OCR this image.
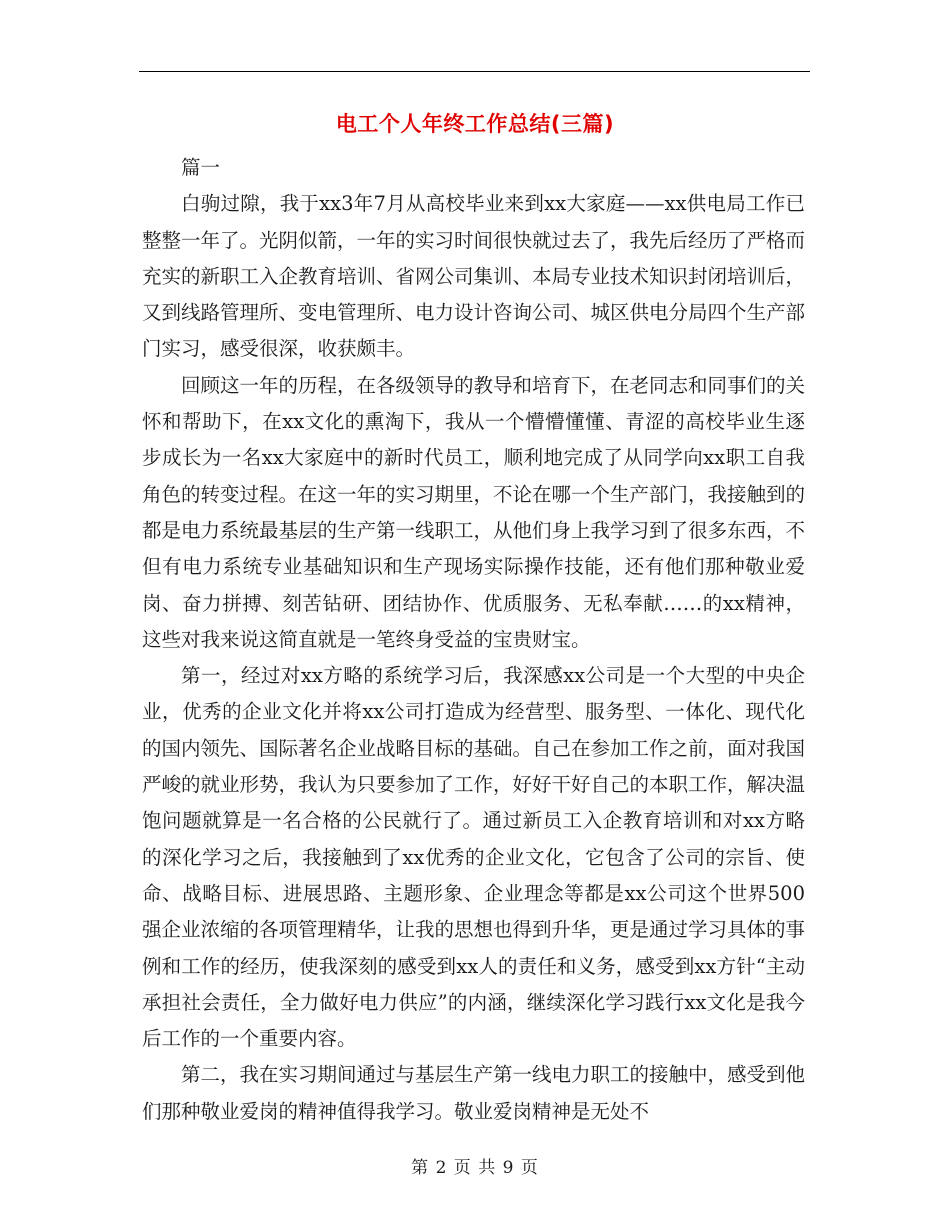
电工个人年终工作总结(三篇)

篇一

白驹过隙，我于xx3年7月从高校毕业来到xx大家庭——xx供电局工作已整整一年了。光阴似箭，一年的实习时间很快就过去了，我先后经历了严格而充实的新职工入企教育培训、省网公司集训、本局专业技术知识封闭培训后，又到线路管理所、变电管理所、电力设计咨询公司、城区供电分局四个生产部门实习，感受很深，收获颇丰。

回顾这一年的历程，在各级领导的教导和培育下，在老同志和同事们的关怀和帮助下，在xx文化的熏淘下，我从一个懵懵懂懂、青涩的高校毕业生逐步成长为一名xx大家庭中的新时代员工，顺利地完成了从同学向xx职工自我角色的转变过程。在这一年的实习期里，不论在哪一个生产部门，我接触到的都是电力系统最基层的生产第一线职工，从他们身上我学习到了很多东西，不但有电力系统专业基础知识和生产现场实际操作技能，还有他们那种敬业爱岗、奋力拼搏、刻苦钻研、团结协作、优质服务、无私奉献……的xx精神，这些对我来说这简直就是一笔终身受益的宝贵财宝。

第一，经过对xx方略的系统学习后，我深感xx公司是一个大型的中央企业，优秀的企业文化并将xx公司打造成为经营型、服务型、一体化、现代化的国内领先、国际著名企业战略目标的基础。自己在参加工作之前，面对我国严峻的就业形势，我认为只要参加了工作，好好干好自己的本职工作，解决温饱问题就算是一名合格的公民就行了。通过新员工入企教育培训和对xx方略的深化学习之后，我接触到了xx优秀的企业文化，它包含了公司的宗旨、使命、战略目标、进展思路、主题形象、企业理念等都是xx公司这个世界500强企业浓缩的各项管理精华，让我的思想也得到升华，更是通过学习具体的事例和工作的经历，使我深刻的感受到xx人的责任和义务，感受到xx方针“主动承担社会责任，全力做好电力供应”的内涵，继续深化学习践行xx文化是我今后工作的一个重要内容。

第二，我在实习期间通过与基层生产第一线电力职工的接触中，感受到他们那种敬业爱岗的精神值得我学习。敬业爱岗精神是无处不

第 2 页 共 9 页
